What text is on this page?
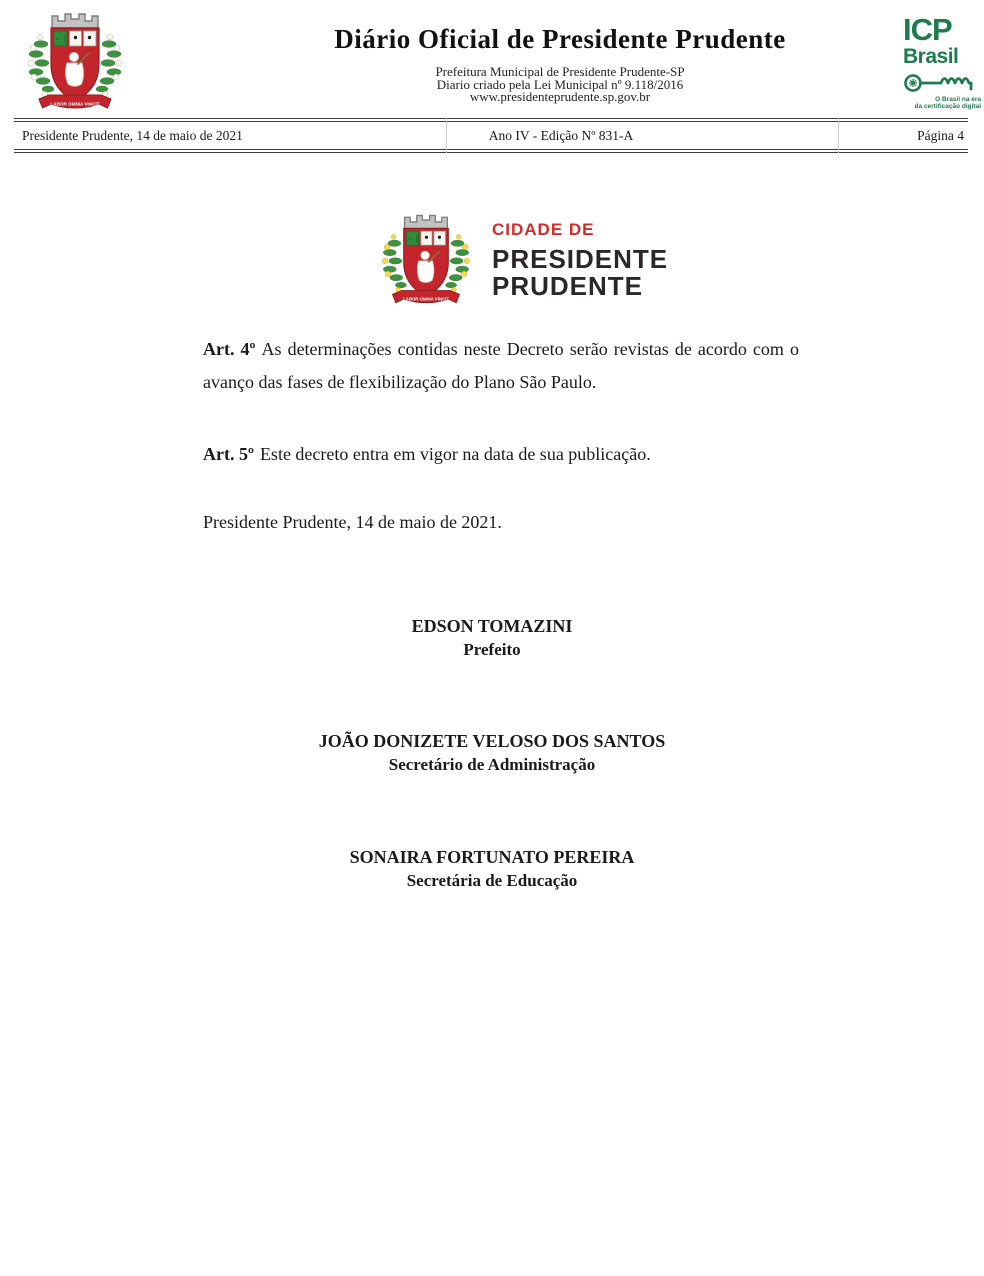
Diário Oficial de Presidente Prudente
Prefeitura Municipal de Presidente Prudente-SP
Diario criado pela Lei Municipal nº 9.118/2016
www.presidenteprudente.sp.gov.br
ICP
Brasil
O Brasil na era
da certificação digital
Presidente Prudente, 14 de maio de 2021	Ano IV - Edição Nº 831-A	Página 4
CIDADE DE
PRESIDENTE
PRUDENTE

Art. 4º As determinações contidas neste Decreto serão revistas de acordo com o avanço das fases de flexibilização do Plano São Paulo.

Art. 5º Este decreto entra em vigor na data de sua publicação.

Presidente Prudente, 14 de maio de 2021.

EDSON TOMAZINI
Prefeito
JOÃO DONIZETE VELOSO DOS SANTOS
Secretário de Administração
SONAIRA FORTUNATO PEREIRA
Secretária de Educação
